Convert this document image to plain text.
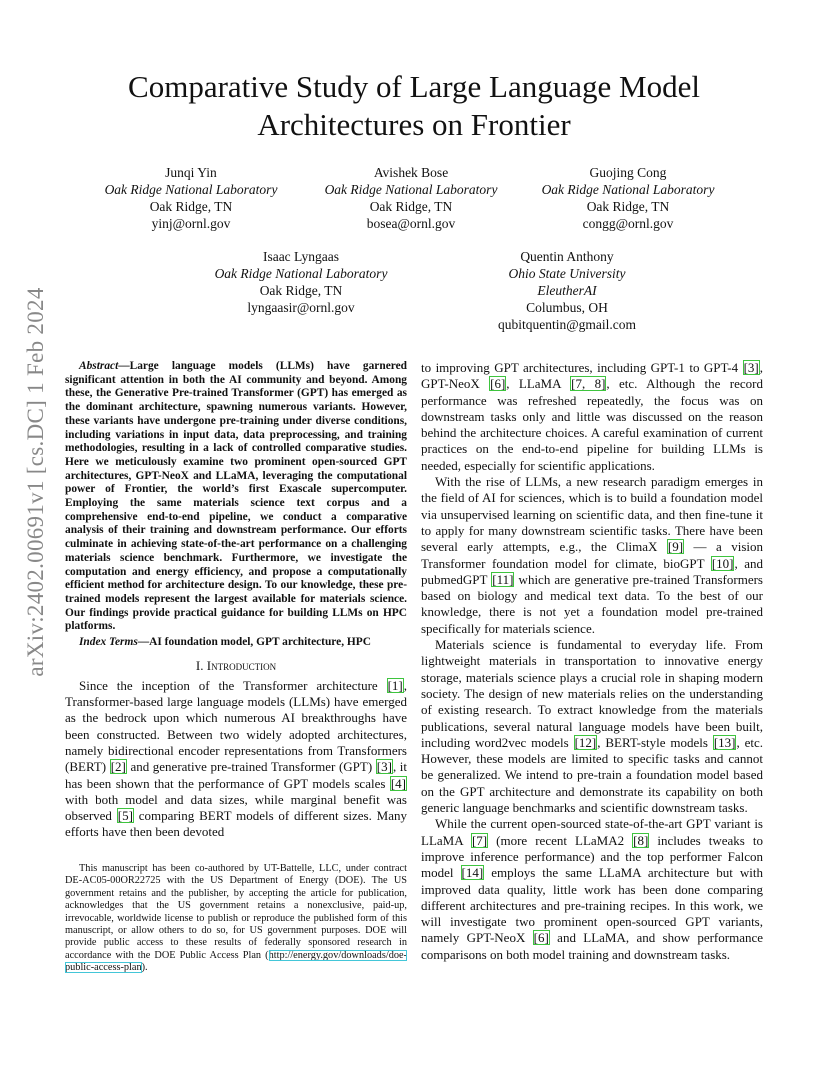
arXiv:2402.00691v1 [cs.DC] 1 Feb 2024
Comparative Study of Large Language Model Architectures on Frontier
Junqi Yin
Oak Ridge National Laboratory
Oak Ridge, TN
yinj@ornl.gov
Avishek Bose
Oak Ridge National Laboratory
Oak Ridge, TN
bosea@ornl.gov
Guojing Cong
Oak Ridge National Laboratory
Oak Ridge, TN
congg@ornl.gov
Isaac Lyngaas
Oak Ridge National Laboratory
Oak Ridge, TN
lyngaasir@ornl.gov
Quentin Anthony
Ohio State University
EleutherAI
Columbus, OH
qubitquentin@gmail.com
Abstract—Large language models (LLMs) have garnered significant attention in both the AI community and beyond. Among these, the Generative Pre-trained Transformer (GPT) has emerged as the dominant architecture, spawning numerous variants. However, these variants have undergone pre-training under diverse conditions, including variations in input data, data preprocessing, and training methodologies, resulting in a lack of controlled comparative studies. Here we meticulously examine two prominent open-sourced GPT architectures, GPT-NeoX and LLaMA, leveraging the computational power of Frontier, the world’s first Exascale supercomputer. Employing the same materials science text corpus and a comprehensive end-to-end pipeline, we conduct a comparative analysis of their training and downstream performance. Our efforts culminate in achieving state-of-the-art performance on a challenging materials science benchmark. Furthermore, we investigate the computation and energy efficiency, and propose a computationally efficient method for architecture design. To our knowledge, these pre-trained models represent the largest available for materials science. Our findings provide practical guidance for building LLMs on HPC platforms.
Index Terms—AI foundation model, GPT architecture, HPC
I. Introduction

Since the inception of the Transformer architecture [1], Transformer-based large language models (LLMs) have emerged as the bedrock upon which numerous AI breakthroughs have been constructed. Between two widely adopted architectures, namely bidirectional encoder representations from Transformers (BERT) [2] and generative pre-trained Transformer (GPT) [3], it has been shown that the performance of GPT models scales [4] with both model and data sizes, while marginal benefit was observed [5] comparing BERT models of different sizes. Many efforts have then been devoted

to improving GPT architectures, including GPT-1 to GPT-4 [3], GPT-NeoX [6], LLaMA [7, 8], etc. Although the record performance was refreshed repeatedly, the focus was on downstream tasks only and little was discussed on the reason behind the architecture choices. A careful examination of current practices on the end-to-end pipeline for building LLMs is needed, especially for scientific applications.

With the rise of LLMs, a new research paradigm emerges in the field of AI for sciences, which is to build a foundation model via unsupervised learning on scientific data, and then fine-tune it to apply for many downstream scientific tasks. There have been several early attempts, e.g., the ClimaX [9] — a vision Transformer foundation model for climate, bioGPT [10], and pubmedGPT [11] which are generative pre-trained Transformers based on biology and medical text data. To the best of our knowledge, there is not yet a foundation model pre-trained specifically for materials science.

Materials science is fundamental to everyday life. From lightweight materials in transportation to innovative energy storage, materials science plays a crucial role in shaping modern society. The design of new materials relies on the understanding of existing research. To extract knowledge from the materials publications, several natural language models have been built, including word2vec models [12], BERT-style models [13], etc. However, these models are limited to specific tasks and cannot be generalized. We intend to pre-train a foundation model based on the GPT architecture and demonstrate its capability on both generic language benchmarks and scientific downstream tasks.

While the current open-sourced state-of-the-art GPT variant is LLaMA [7] (more recent LLaMA2 [8] includes tweaks to improve inference performance) and the top performer Falcon model [14] employs the same LLaMA architecture but with improved data quality, little work has been done comparing different architectures and pre-training recipes. In this work, we will investigate two prominent open-sourced GPT variants, namely GPT-NeoX [6] and LLaMA, and show performance comparisons on both model training and downstream tasks.

This manuscript has been co-authored by UT-Battelle, LLC, under contract DE-AC05-00OR22725 with the US Department of Energy (DOE). The US government retains and the publisher, by accepting the article for publication, acknowledges that the US government retains a nonexclusive, paid-up, irrevocable, worldwide license to publish or reproduce the published form of this manuscript, or allow others to do so, for US government purposes. DOE will provide public access to these results of federally sponsored research in accordance with the DOE Public Access Plan (http://energy.gov/downloads/doe-public-access-plan).
